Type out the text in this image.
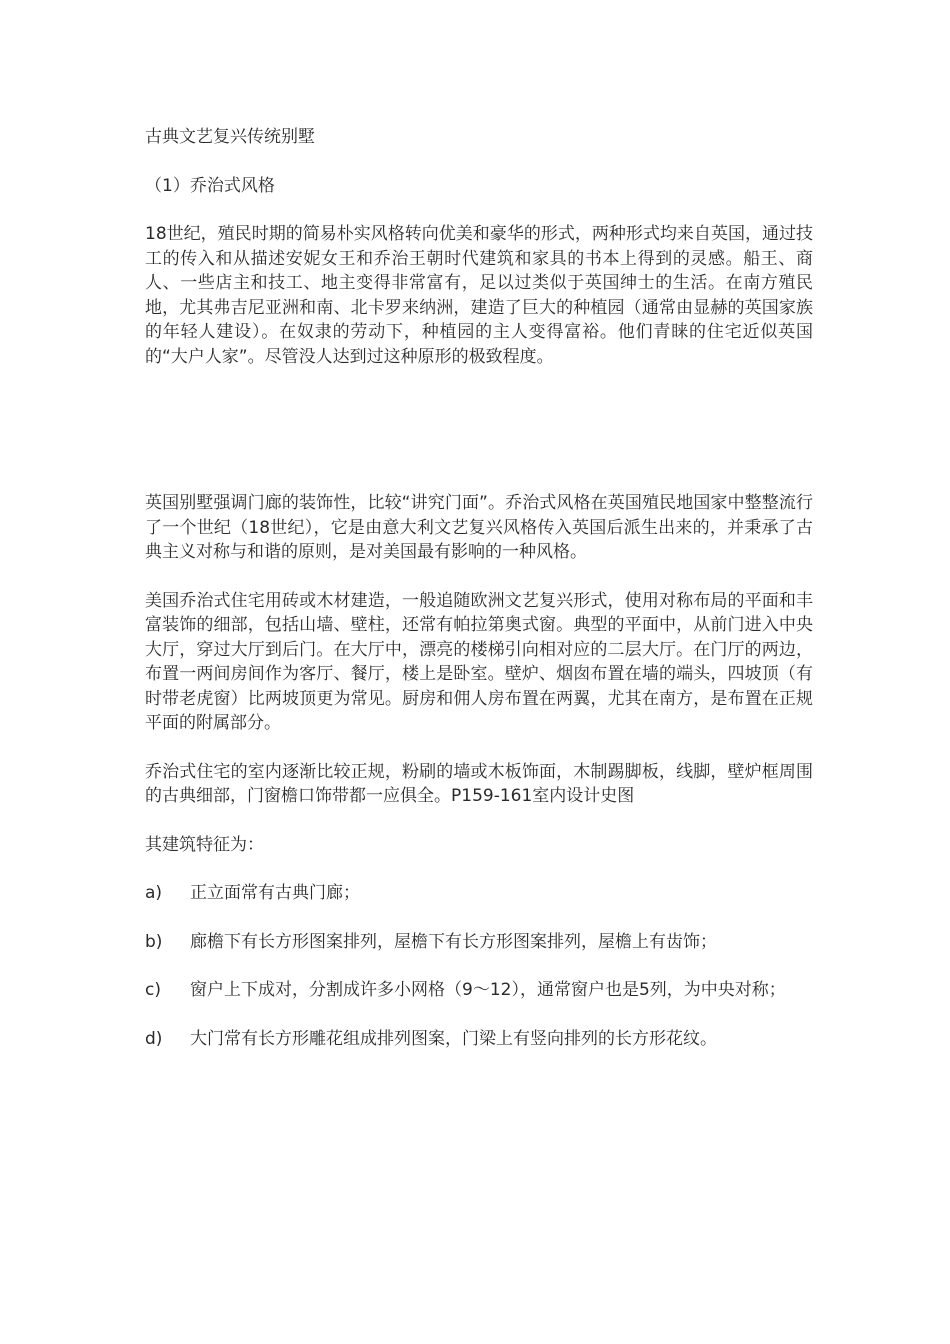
古典文艺复兴传统别墅

（1）乔治式风格

18世纪，殖民时期的简易朴实风格转向优美和豪华的形式，两种形式均来自英国，通过技工的传入和从描述安妮女王和乔治王朝时代建筑和家具的书本上得到的灵感。船王、商人、一些店主和技工、地主变得非常富有，足以过类似于英国绅士的生活。在南方殖民地，尤其弗吉尼亚洲和南、北卡罗来纳洲，建造了巨大的种植园（通常由显赫的英国家族的年轻人建设）。在奴隶的劳动下，种植园的主人变得富裕。他们青睐的住宅近似英国的“大户人家”。尽管没人达到过这种原形的极致程度。

英国别墅强调门廊的装饰性，比较“讲究门面”。乔治式风格在英国殖民地国家中整整流行了一个世纪（18世纪），它是由意大利文艺复兴风格传入英国后派生出来的，并秉承了古典主义对称与和谐的原则，是对美国最有影响的一种风格。

美国乔治式住宅用砖或木材建造，一般追随欧洲文艺复兴形式，使用对称布局的平面和丰富装饰的细部，包括山墙、壁柱，还常有帕拉第奥式窗。典型的平面中，从前门进入中央大厅，穿过大厅到后门。在大厅中，漂亮的楼梯引向相对应的二层大厅。在门厅的两边，布置一两间房间作为客厅、餐厅，楼上是卧室。壁炉、烟囱布置在墙的端头，四坡顶（有时带老虎窗）比两坡顶更为常见。厨房和佣人房布置在两翼，尤其在南方，是布置在正规平面的附属部分。

乔治式住宅的室内逐渐比较正规，粉刷的墙或木板饰面，木制踢脚板，线脚，壁炉框周围的古典细部，门窗檐口饰带都一应俱全。P159-161室内设计史图

其建筑特征为：

a)	正立面常有古典门廊；
b)	廊檐下有长方形图案排列，屋檐下有长方形图案排列，屋檐上有齿饰；
c) 窗户上下成对，分割成许多小网格（9～12），通常窗户也是5列，为中央对称；
d)	大门常有长方形雕花组成排列图案，门梁上有竖向排列的长方形花纹。
